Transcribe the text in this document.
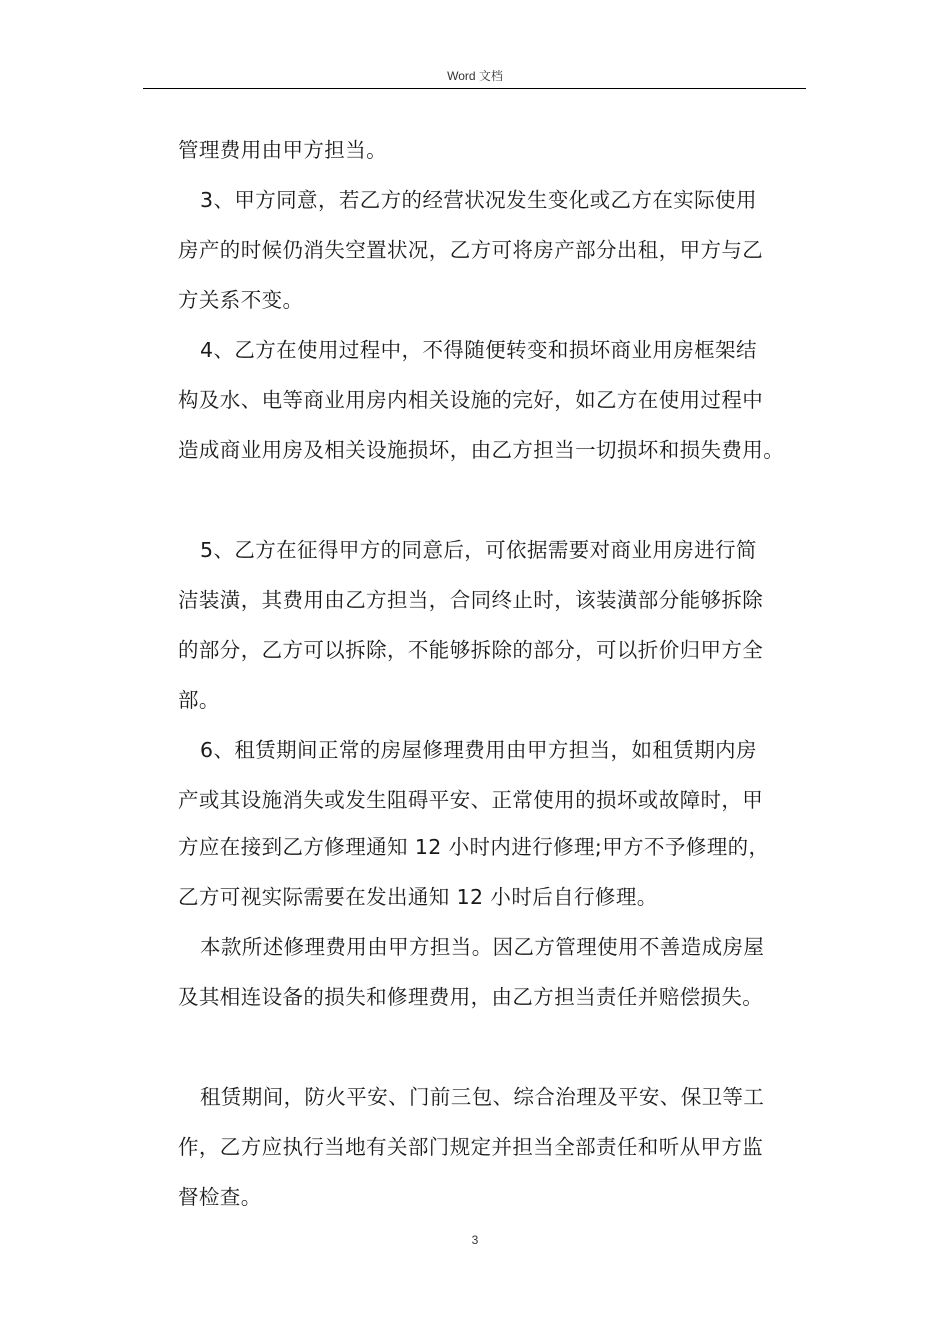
Word 文档
管理费用由甲方担当。
3、甲方同意，若乙方的经营状况发生变化或乙方在实际使用
房产的时候仍消失空置状况，乙方可将房产部分出租，甲方与乙
方关系不变。
4、乙方在使用过程中，不得随便转变和损坏商业用房框架结
构及水、电等商业用房内相关设施的完好，如乙方在使用过程中
造成商业用房及相关设施损坏，由乙方担当一切损坏和损失费用。
5、乙方在征得甲方的同意后，可依据需要对商业用房进行简
洁装潢，其费用由乙方担当，合同终止时，该装潢部分能够拆除
的部分，乙方可以拆除，不能够拆除的部分，可以折价归甲方全
部。
6、租赁期间正常的房屋修理费用由甲方担当，如租赁期内房
产或其设施消失或发生阻碍平安、正常使用的损坏或故障时，甲
方应在接到乙方修理通知 12 小时内进行修理;甲方不予修理的，
乙方可视实际需要在发出通知 12 小时后自行修理。
本款所述修理费用由甲方担当。因乙方管理使用不善造成房屋
及其相连设备的损失和修理费用，由乙方担当责任并赔偿损失。
租赁期间，防火平安、门前三包、综合治理及平安、保卫等工
作，乙方应执行当地有关部门规定并担当全部责任和听从甲方监
督检查。
3
